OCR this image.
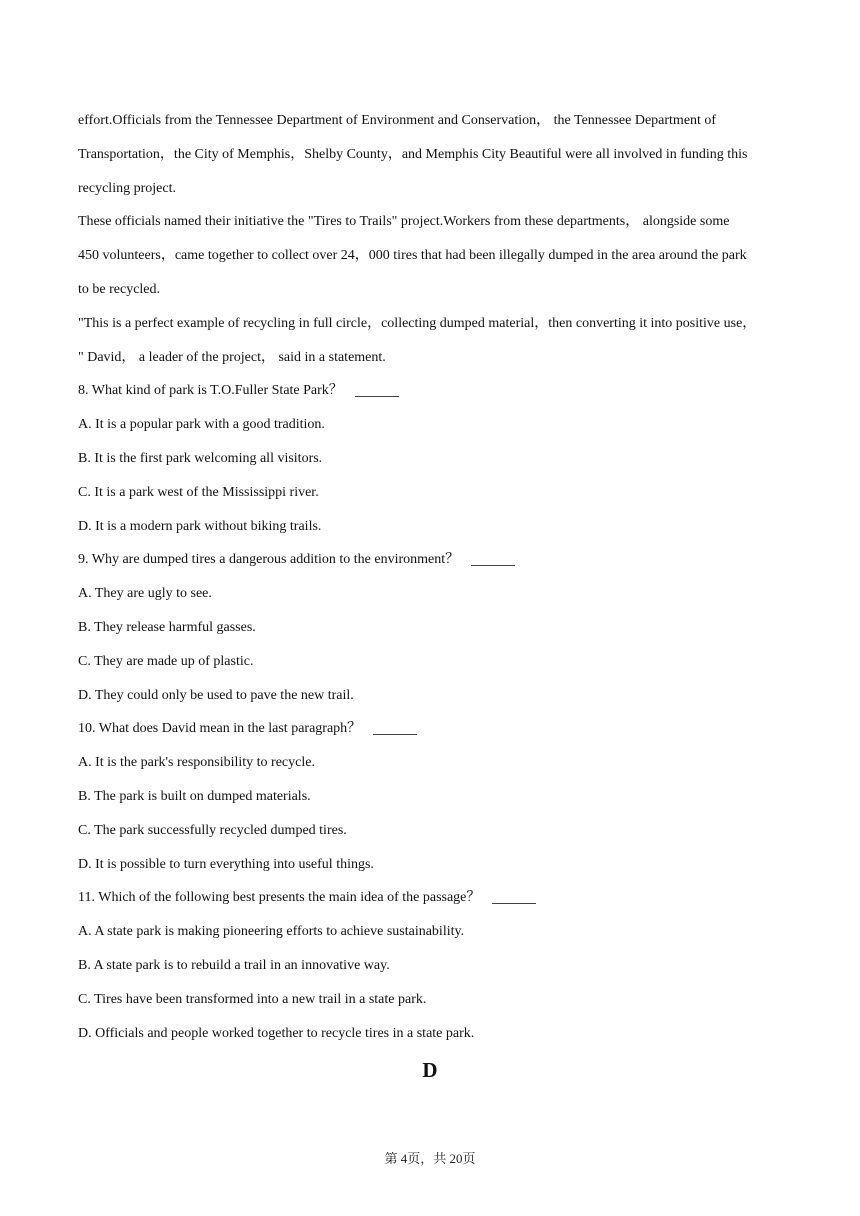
effort.Officials from the Tennessee Department of Environment and Conservation， the Tennessee Department of
Transportation，the City of Memphis，Shelby County，and Memphis City Beautiful were all involved in funding this
recycling project.
These officials named their initiative the "Tires to Trails" project.Workers from these departments， alongside some
450 volunteers，came together to collect over 24，000 tires that had been illegally dumped in the area around the park
to be recycled.
"This is a perfect example of recycling in full circle，collecting dumped material，then converting it into positive use，
" David， a leader of the project， said in a statement.
8. What kind of park is T.O.Fuller State Park？
A. It is a popular park with a good tradition.
B. It is the first park welcoming all visitors.
C. It is a park west of the Mississippi river.
D. It is a modern park without biking trails.
9. Why are dumped tires a dangerous addition to the environment？
A. They are ugly to see.
B. They release harmful gasses.
C. They are made up of plastic.
D. They could only be used to pave the new trail.
10. What does David mean in the last paragraph？
A. It is the park's responsibility to recycle.
B. The park is built on dumped materials.
C. The park successfully recycled dumped tires.
D. It is possible to turn everything into useful things.
11. Which of the following best presents the main idea of the passage？
A. A state park is making pioneering efforts to achieve sustainability.
B. A state park is to rebuild a trail in an innovative way.
C. Tires have been transformed into a new trail in a state park.
D. Officials and people worked together to recycle tires in a state park.
D
第 4页，共 20页
